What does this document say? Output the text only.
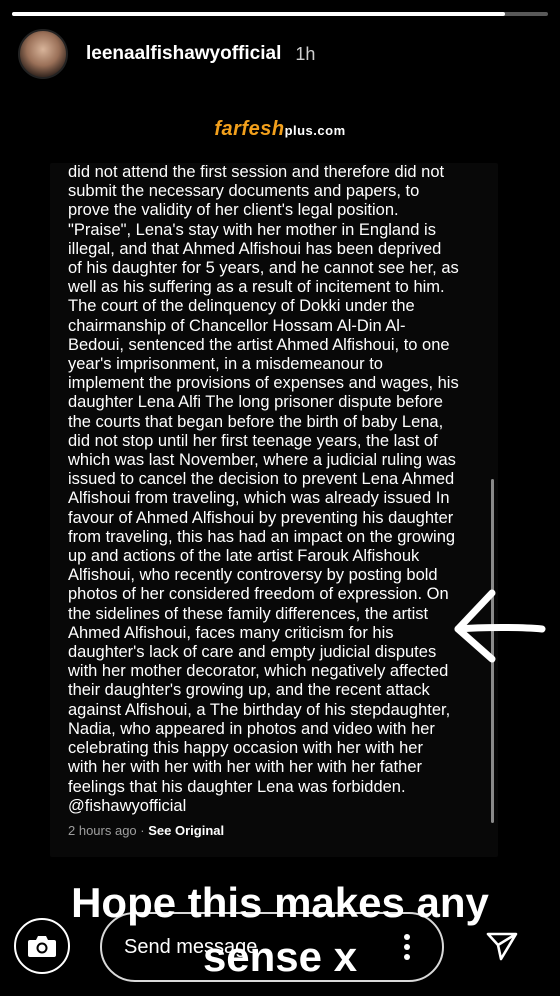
leenaalfishawyofficial 1h
farfeshplus.com
did not attend the first session and therefore did not
submit the necessary documents and papers, to
prove the validity of her client's legal position.
"Praise", Lena's stay with her mother in England is
illegal, and that Ahmed Alfishoui has been deprived
of his daughter for 5 years, and he cannot see her, as
well as his suffering as a result of incitement to him.
The court of the delinquency of Dokki under the
chairmanship of Chancellor Hossam Al-Din Al-
Bedoui, sentenced the artist Ahmed Alfishoui, to one
year's imprisonment, in a misdemeanour to
implement the provisions of expenses and wages, his
daughter Lena Alfi The long prisoner dispute before
the courts that began before the birth of baby Lena,
did not stop until her first teenage years, the last of
which was last November, where a judicial ruling was
issued to cancel the decision to prevent Lena Ahmed
Alfishoui from traveling, which was already issued In
favour of Ahmed Alfishoui by preventing his daughter
from traveling, this has had an impact on the growing
up and actions of the late artist Farouk Alfishouk
Alfishoui, who recently controversy by posting bold
photos of her considered freedom of expression. On
the sidelines of these family differences, the artist
Ahmed Alfishoui, faces many criticism for his
daughter's lack of care and empty judicial disputes
with her mother decorator, which negatively affected
their daughter's growing up, and the recent attack
against Alfishoui, a The birthday of his stepdaughter,
Nadia, who appeared in photos and video with her
celebrating this happy occasion with her with her
with her with her with her with her with her father
feelings that his daughter Lena was forbidden.
@fishawyofficial
2 hours ago · See Original
Hope this makes any
sense x
Send message
